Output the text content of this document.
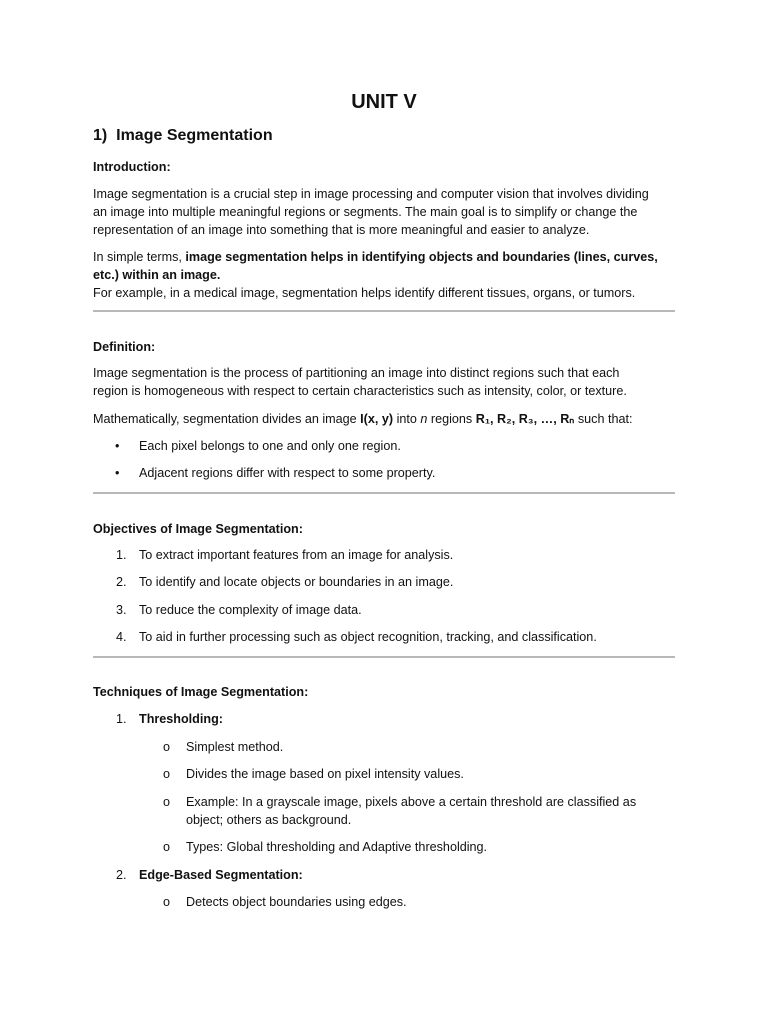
UNIT V
1) Image Segmentation
Introduction:
Image segmentation is a crucial step in image processing and computer vision that involves dividing
an image into multiple meaningful regions or segments. The main goal is to simplify or change the
representation of an image into something that is more meaningful and easier to analyze.
In simple terms, image segmentation helps in identifying objects and boundaries (lines, curves,
etc.) within an image.
For example, in a medical image, segmentation helps identify different tissues, organs, or tumors.
Definition:
Image segmentation is the process of partitioning an image into distinct regions such that each
region is homogeneous with respect to certain characteristics such as intensity, color, or texture.
Mathematically, segmentation divides an image I(x, y) into n regions R₁, R₂, R₃, …, Rₙ such that:
• Each pixel belongs to one and only one region.
• Adjacent regions differ with respect to some property.
Objectives of Image Segmentation:
1. To extract important features from an image for analysis.
2. To identify and locate objects or boundaries in an image.
3. To reduce the complexity of image data.
4. To aid in further processing such as object recognition, tracking, and classification.
Techniques of Image Segmentation:
1. Thresholding:
o Simplest method.
o Divides the image based on pixel intensity values.
o Example: In a grayscale image, pixels above a certain threshold are classified as
object; others as background.
o Types: Global thresholding and Adaptive thresholding.
2. Edge-Based Segmentation:
o Detects object boundaries using edges.
